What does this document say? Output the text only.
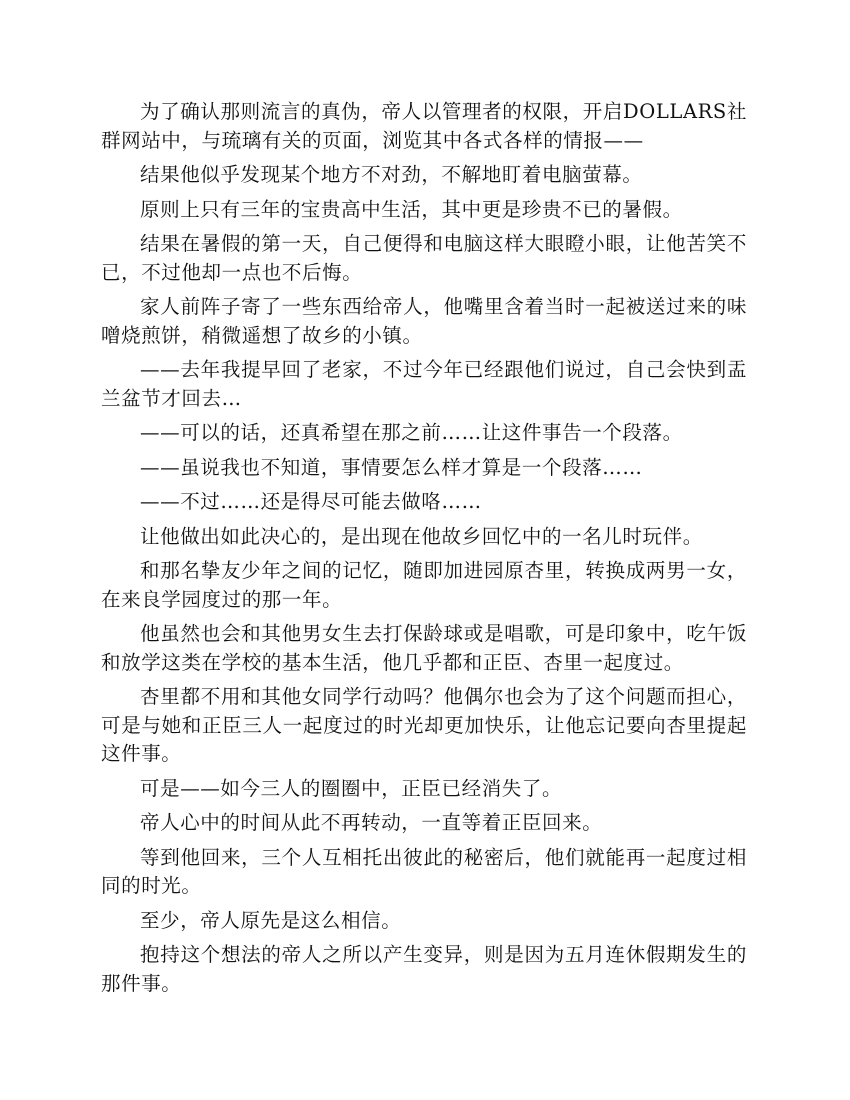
为了确认那则流言的真伪，帝人以管理者的权限，开启DOLLARS社群网站中，与琉璃有关的页面，浏览其中各式各样的情报——

结果他似乎发现某个地方不对劲，不解地盯着电脑萤幕。

原则上只有三年的宝贵高中生活，其中更是珍贵不已的暑假。

结果在暑假的第一天，自己便得和电脑这样大眼瞪小眼，让他苦笑不已，不过他却一点也不后悔。

家人前阵子寄了一些东西给帝人，他嘴里含着当时一起被送过来的味噌烧煎饼，稍微遥想了故乡的小镇。

——去年我提早回了老家，不过今年已经跟他们说过，自己会快到盂兰盆节才回去…

——可以的话，还真希望在那之前……让这件事告一个段落。

——虽说我也不知道，事情要怎么样才算是一个段落……

——不过……还是得尽可能去做咯……

让他做出如此决心的，是出现在他故乡回忆中的一名儿时玩伴。

和那名挚友少年之间的记忆，随即加进园原杏里，转换成两男一女，在来良学园度过的那一年。

他虽然也会和其他男女生去打保龄球或是唱歌，可是印象中，吃午饭和放学这类在学校的基本生活，他几乎都和正臣、杏里一起度过。

杏里都不用和其他女同学行动吗？他偶尔也会为了这个问题而担心，可是与她和正臣三人一起度过的时光却更加快乐，让他忘记要向杏里提起这件事。

可是——如今三人的圈圈中，正臣已经消失了。

帝人心中的时间从此不再转动，一直等着正臣回来。

等到他回来，三个人互相托出彼此的秘密后，他们就能再一起度过相同的时光。

至少，帝人原先是这么相信。

抱持这个想法的帝人之所以产生变异，则是因为五月连休假期发生的那件事。
